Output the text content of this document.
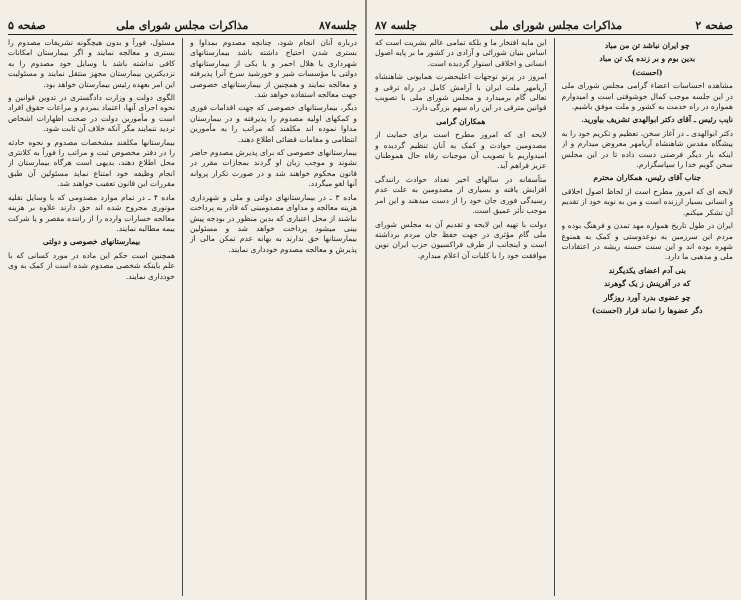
جلسه۸۷
مذاکرات مجلس شورای ملی
صفحه ۵

درباره آنان انجام شود، چنانچه مصدوم بمداوا و بستری شدن احتیاج داشته باشد بیمارستانهای شهرداری یا هلال احمر و یا یکی از بیمارستانهای دولتی یا مؤسسات شیر و خورشید سرخ آنرا پذیرفته و معالجه نمایند و همچنین از بیمارستانهای خصوصی جهت معالجه استفاده خواهد شد.

دیگر، بیمارستانهای خصوصی که جهت اقدامات فوری و کمکهای اولیه مصدوم را پذیرفته و در بیمارستان مداوا نموده اند مکلفند که مراتب را به مأمورین انتظامی و مقامات قضائی اطلاع دهند.

بیمارستانهای خصوصی که برای پذیرش مصدوم حاضر نشوند و موجب زیان او گردند بمجازات مقرر در قانون محکوم خواهند شد و در صورت تکرار پروانه آنها لغو میگردد.

ماده ۳ ـ در بیمارستانهای دولتی و ملی و شهرداری هزینه معالجه و مداوای مصدومینی که قادر به پرداخت نباشند از محل اعتباری که بدین منظور در بودجه پیش بینی میشود پرداخت خواهد شد و مسئولین بیمارستانها حق ندارند به بهانه عدم تمکن مالی از پذیرش و معالجه مصدوم خودداری نمایند.

مسئول، فوراً و بدون هیچگونه تشریفات مصدوم را بستری و معالجه نمایند و اگر بیمارستان امکانات کافی نداشته باشد با وسایل خود مصدوم را به نزدیکترین بیمارستان مجهز منتقل نمایند و مسئولیت این امر بعهده رئیس بیمارستان خواهد بود.

الگوی دولت و وزارت دادگستری در تدوین قوانین و نحوه اجرای آنها، اعتماد بمردم و مراعات حقوق افراد است و مأمورین دولت در صحت اظهارات اشخاص تردید ننمایند مگر آنکه خلاف آن ثابت شود.

بیمارستانها مکلفند مشخصات مصدوم و نحوه حادثه را در دفتر مخصوص ثبت و مراتب را فوراً به کلانتری محل اطلاع دهند، بدیهی است هرگاه بیمارستان از انجام وظیفه خود امتناع نماید مسئولین آن طبق مقررات این قانون تعقیب خواهند شد.

ماده ۴ ـ در تمام موارد مصدومی که با وسایل نقلیه موتوری مجروح شده اند حق دارند علاوه بر هزینه معالجه خسارات وارده را از راننده مقصر و یا شرکت بیمه مطالبه نمایند.

بیمارستانهای خصوصی و دولتی

همچنین است حکم این ماده در مورد کسانی که با علم باینکه شخصی مصدوم شده است از کمک به وی خودداری نمایند.

صفحه ۲
مذاکرات مجلس شورای ملی
جلسه ۸۷

چو ایران نباشد تن من مباد

بدین بوم و بر زنده یک تن مباد

(احسنت)

مشاهده احساسات اعضاء گرامی مجلس شورای ملی در این جلسه موجب کمال خوشوقتی است و امیدوارم همواره در راه خدمت به کشور و ملت موفق باشیم.

نایب رئیس ـ آقای دکتر ابوالهدی تشریف بیاورید.

دکتر ابوالهدی ـ در آغاز سخن، تعظیم و تکریم خود را به پیشگاه مقدس شاهنشاه آریامهر معروض میدارم و از اینکه بار دیگر فرصتی دست داده تا در این مجلس سخن گویم خدا را سپاسگزارم.

جناب آقای رئیس، همکاران محترم

لایحه ای که امروز مطرح است از لحاظ اصول اخلاقی و انسانی بسیار ارزنده است و من به نوبه خود از تقدیم آن تشکر میکنم.

ایران در طول تاریخ همواره مهد تمدن و فرهنگ بوده و مردم این سرزمین به نوعدوستی و کمک به همنوع شهره بوده اند و این سنت حسنه ریشه در اعتقادات ملی و مذهبی ما دارد.

بنی آدم اعضای یکدیگرند

که در آفرینش ز یک گوهرند

چو عضوی بدرد آورد روزگار

دگر عضوها را نماند قرار (احسنت)

این مایه افتخار ما و بلکه تمامی عالم بشریت است که اساس بنیان شورائی و آزادی در کشور ما بر پایه اصول انسانی و اخلاقی استوار گردیده است.

امروز در پرتو توجهات اعلیحضرت همایونی شاهنشاه آریامهر ملت ایران با آرامش کامل در راه ترقی و تعالی گام برمیدارد و مجلس شورای ملی با تصویب قوانین مترقی در این راه سهم بزرگی دارد.

همکاران گرامی

لایحه ای که امروز مطرح است برای حمایت از مصدومین حوادث و کمک به آنان تنظیم گردیده و امیدواریم با تصویب آن موجبات رفاه حال هموطنان عزیز فراهم آید.

متأسفانه در سالهای اخیر تعداد حوادث رانندگی افزایش یافته و بسیاری از مصدومین به علت عدم رسیدگی فوری جان خود را از دست میدهند و این امر موجب تأثر عمیق است.

دولت با تهیه این لایحه و تقدیم آن به مجلس شورای ملی گام مؤثری در جهت حفظ جان مردم برداشته است و اینجانب از طرف فراکسیون حزب ایران نوین موافقت خود را با کلیات آن اعلام میدارم.
